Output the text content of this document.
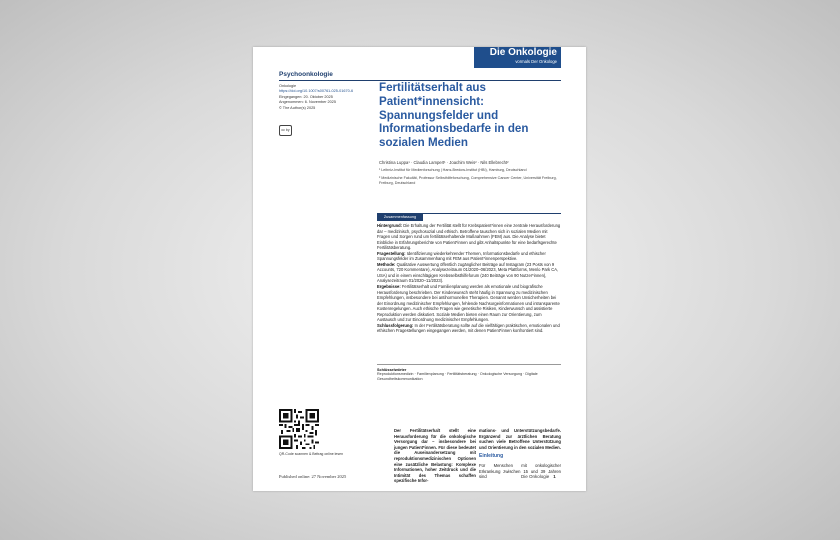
Die Onkologie
vormals Der Onkologe
Psychoonkologie
Onkologie
https://doi.org/10.1007/s00761-025-01670-6
Eingegangen: 20. Oktober 2025
Angenommen: 6. November 2025
© The Author(s) 2025
cc by
Fertilitätserhalt aus Patient*innensicht: Spannungsfelder und Informationsbedarfe in den sozialen Medien
Christina Luppa¹ · Claudia Lampert¹ · Joachim Weis² · Nils Ellebrecht²
¹ Leibniz-Institut für Medienforschung | Hans-Bredow-Institut (HBI), Hamburg, Deutschland
² Medizinische Fakultät, Professur Selbsthilfeforschung, Comprehensive Cancer Center, Universität Freiburg, Freiburg, Deutschland
Zusammenfassung
Hintergrund: Die Erhaltung der Fertilität stellt für Krebspatient*innen eine zentrale Herausforderung dar – medizinisch, psychosozial und ethisch. Betroffene tauschen sich in sozialen Medien mit Fragen und Sorgen rund um fertilitätserhaltende Maßnahmen (FEM) aus. Die Analyse bietet Einblicke in Erfahrungsberichte von Patient*innen und gibt Anhaltspunkte für eine bedarfsgerechte Fertilitätsberatung.
Fragestellung: Identifizierung wiederkehrender Themen, Informationsbedarfe und ethischer Spannungsfelder im Zusammenhang mit FEM aus Patient*innenperspektive.
Methode: Qualitative Auswertung öffentlich zugänglicher Beiträge auf Instagram (23 Posts von 9 Accounts, 720 Kommentare), Analysezeitraum 01/2020–06/2023, Meta Plattforms, Menlo Park CA, USA) und in einem einschlägigen Krebsselbsthilfeforum (240 Beiträge von 90 Nutzer*innen), Analysezeitraum 01/2020–11/2023).
Ergebnisse: Fertilitätserhalt und Familienplanung werden als emotionale und biografische Herausforderung beschrieben. Der Kinderwunsch steht häufig in Spannung zu medizinischen Empfehlungen, insbesondere bei antihormonellen Therapien. Genannt werden Unsicherheiten bei der Einordnung medizinischer Empfehlungen, fehlende Nachsorgeinformationen und intransparente Kostenregelungen. Auch ethische Fragen wie genetische Risiken, Kinderwunsch und assistierte Reproduktion werden diskutiert. Soziale Medien bieten einen Raum zur Orientierung, zum Austausch und zur Einordnung medizinischer Empfehlungen.
Schlussfolgerung: In der Fertilitätsberatung sollte auf die vielfältigen praktischen, emotionalen und ethischen Fragestellungen eingegangen werden, mit denen Patient*innen konfrontiert sind.
Schlüsselwörter
Reproduktionsmedizin · Familienplanung · Fertilitätsberatung · Onkologische Versorgung · Digitale Gesundheitskommunikation
QR-Code scannen & Beitrag online lesen
Der Fertilitätserhalt stellt eine Herausforderung für die onkologische Versorgung dar – insbesondere bei jungen Patient*innen. Für diese bedeutet die Auseinandersetzung mit reproduktionsmedizinischen Optionen eine zusätzliche Belastung: Komplexe Informationen, hoher Zeitdruck und die Intimität des Themas schaffen spezifische Infor-
mations- und Unterstützungsbedarfe. Ergänzend zur ärztlichen Beratung suchen viele Betroffene Unterstützung und Orientierung in den sozialen Medien.
Einleitung
Für Menschen mit onkologischer Erkrankung zwischen 15 und 39 Jahren sind
Published online: 27 November 2025	Die Onkologie 1
